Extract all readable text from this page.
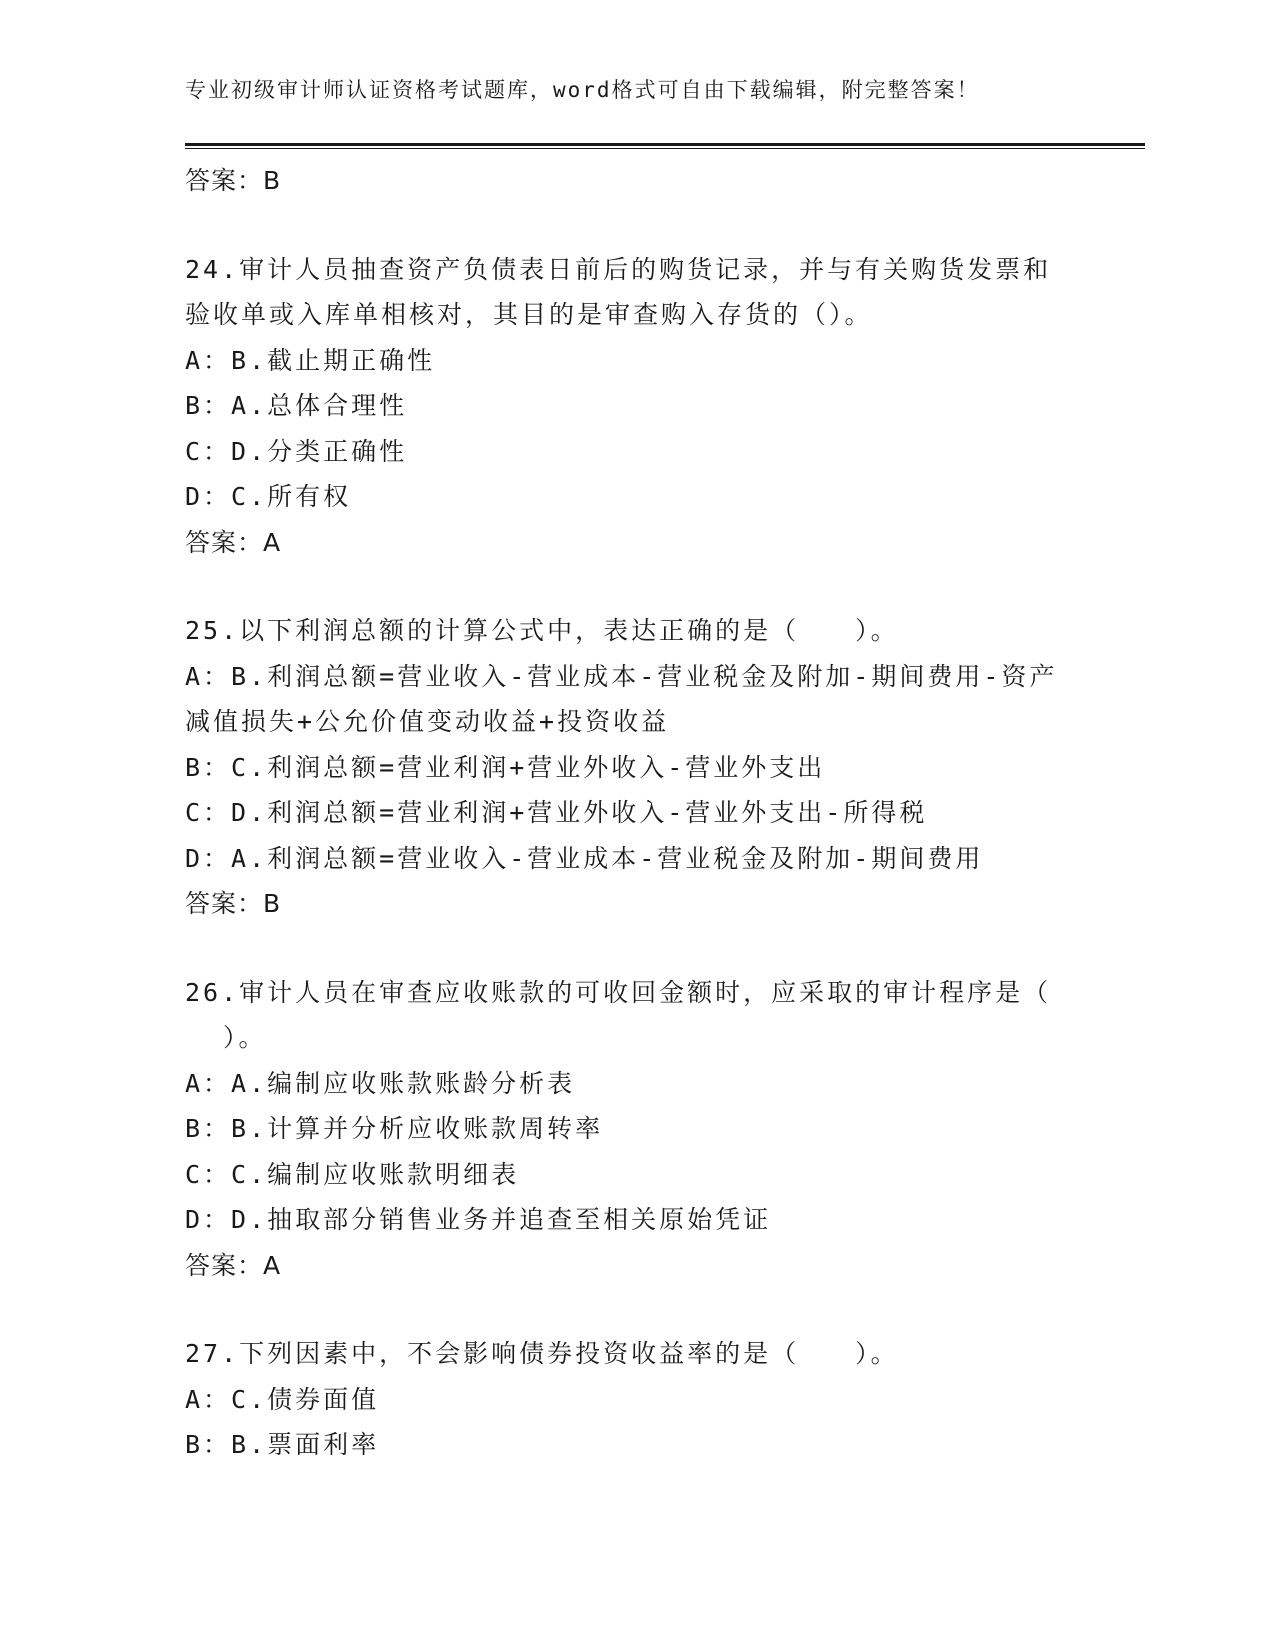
专业初级审计师认证资格考试题库，word格式可自由下载编辑，附完整答案！
答案：B
24.审计人员抽查资产负债表日前后的购货记录，并与有关购货发票和
验收单或入库单相核对，其目的是审查购入存货的（）。
A：B.截止期正确性
B：A.总体合理性
C：D.分类正确性
D：C.所有权
答案：A
25.以下利润总额的计算公式中，表达正确的是（　　）。
A：B.利润总额=营业收入-营业成本-营业税金及附加-期间费用-资产
减值损失+公允价值变动收益+投资收益
B：C.利润总额=营业利润+营业外收入-营业外支出
C：D.利润总额=营业利润+营业外收入-营业外支出-所得税
D：A.利润总额=营业收入-营业成本-营业税金及附加-期间费用
答案：B
26.审计人员在审查应收账款的可收回金额时，应采取的审计程序是（
）。
A：A.编制应收账款账龄分析表
B：B.计算并分析应收账款周转率
C：C.编制应收账款明细表
D：D.抽取部分销售业务并追查至相关原始凭证
答案：A
27.下列因素中，不会影响债券投资收益率的是（　　）。
A：C.债券面值
B：B.票面利率
